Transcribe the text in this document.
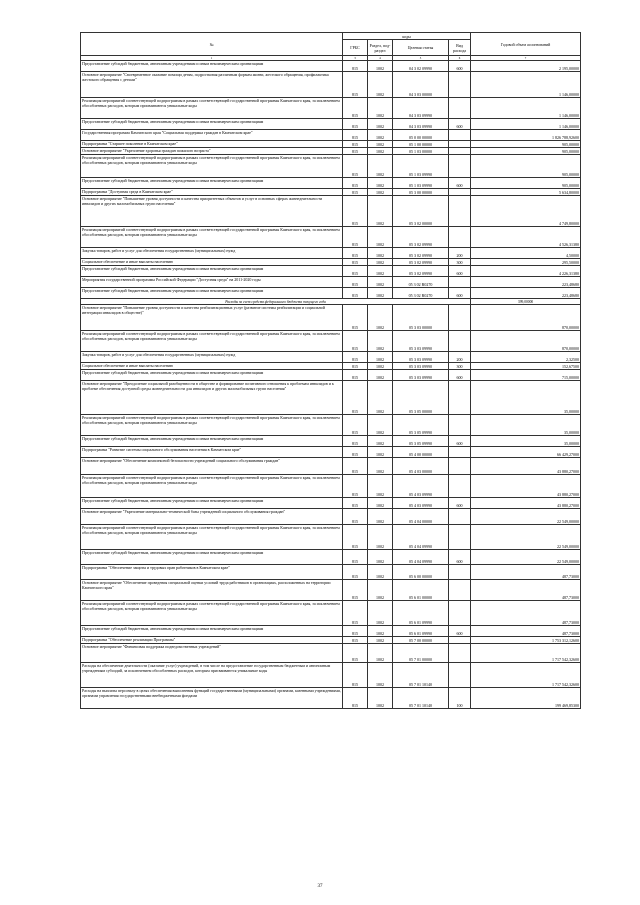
№	коды				Годовой объем ассигнований
	ГРБС	Раздел, под-раздел	Целевая статья	Вид расхода	
1	3	4	5	6	7
Предоставление субсидий бюджетным, автономным учреждениям и иным некоммерческим организациям	815	1002	04 3 02 09990	600	2 195,00000
Основное мероприятие "Своевременное оказание помощи детям, подростковая различным формам жизни, жестокого обращения, профилактика жестокого обращения с детьми"	815	1002	04 3 03 00000		1 146,00000
Реализация мероприятий соответствующей подпрограммы в рамках соответствующей государственной программы Камчатского края, за исключением обособленных расходов, которым присваиваются уникальные коды	815	1002	04 3 03 09990		1 146,00000
Предоставление субсидий бюджетным, автономным учреждениям и иным некоммерческим организациям	815	1002	04 3 03 09990	600	1 146,00000
Государственная программа Камчатского края "Социальная поддержка граждан в Камчатском крае"	815	1002	05 0 00 00000		1 826 788,92600
Подпрограмма "Старшее поколение в Камчатском крае"	815	1002	05 1 00 00000		905,00000
Основное мероприятие "Укрепление здоровья граждан пожилого возраста"	815	1002	05 1 03 00000		905,00000
Реализация мероприятий соответствующей подпрограммы в рамках соответствующей государственной программы Камчатского края, за исключением обособленных расходов, которым присваиваются уникальные коды	815	1002	05 1 03 09990		905,00000
Предоставление субсидий бюджетным, автономным учреждениям и иным некоммерческим организациям	815	1002	05 1 03 09990	600	905,00000
Подпрограмма "Доступная среда в Камчатском крае"	815	1002	05 3 00 00000		5 634,80000
Основное мероприятие "Повышение уровня доступности и качества приоритетных объектов и услуг в основных сферах жизнедеятельности инвалидов и других маломобильных групп населения"	815	1002	05 3 02 00000		4 749,80000
Реализация мероприятий соответствующей подпрограммы в рамках соответствующей государственной программы Камчатского края, за исключением обособленных расходов, которым присваиваются уникальные коды	815	1002	05 3 02 09990		4 526,31380
Закупка товаров, работ и услуг для обеспечения государственных (муниципальных) нужд	815	1002	05 3 02 09990	200	4,50000
Социальное обеспечение и иные выплаты населению	815	1002	05 3 02 09990	300	295,50000
Предоставление субсидий бюджетным, автономным учреждениям и иным некоммерческим организациям	815	1002	05 3 02 09990	600	4 226,31380
Мероприятия государственной программы Российской Федерации "Доступная среда" на 2011-2020 годы	815	1002	05 3 02 R0270		223,48680
Предоставление субсидий бюджетным, автономным учреждениям и иным некоммерческим организациям	815	1002	05 3 02 R0270	600	223,48680
Расходы за счет средств федерального бюджета текущего года					399,00000
Основное мероприятие "Повышение уровня доступности и качества реабилитационных услуг (развитие системы реабилитации и социальной интеграции инвалидов в обществе)"	815	1002	05 3 03 00000		870,00000
Реализация мероприятий соответствующей подпрограммы в рамках соответствующей государственной программы Камчатского края, за исключением обособленных расходов, которым присваиваются уникальные коды	815	1002	05 3 03 09990		870,00000
Закупка товаров, работ и услуг для обеспечения государственных (муниципальных) нужд	815	1002	05 3 03 09990	200	2,32500
Социальное обеспечение и иные выплаты населению	815	1002	05 3 03 09990	300	152,67500
Предоставление субсидий бюджетным, автономным учреждениям и иным некоммерческим организациям	815	1002	05 3 03 09990	600	715,00000
Основное мероприятие "Преодоление социальной разобщенности в обществе и формирование позитивного отношения к проблемам инвалидов и к проблеме обеспечения доступной среды жизнедеятельности для инвалидов и других маломобильных групп населения"	815	1002	05 3 05 00000		35,00000
Реализация мероприятий соответствующей подпрограммы в рамках соответствующей государственной программы Камчатского края, за исключением обособленных расходов, которым присваиваются уникальные коды	815	1002	05 3 05 09990		35,00000
Предоставление субсидий бюджетным, автономным учреждениям и иным некоммерческим организациям	815	1002	05 3 05 09990	600	35,00000
Подпрограмма "Развитие системы социального обслуживания населения в Камчатском крае"	815	1002	05 4 00 00000		66 429,27000
Основное мероприятие "Обеспечение комплексной безопасности учреждений социального обслуживания граждан"	815	1002	05 4 03 00000		43 880,27000
Реализация мероприятий соответствующей подпрограммы в рамках соответствующей государственной программы Камчатского края, за исключением обособленных расходов, которым присваиваются уникальные коды	815	1002	05 4 03 09990		43 880,27000
Предоставление субсидий бюджетным, автономным учреждениям и иным некоммерческим организациям	815	1002	05 4 03 09990	600	43 880,27000
Основное мероприятие "Укрепление материально-технической базы учреждений социального обслуживания граждан"	815	1002	05 4 04 00000		22 549,00000
Реализация мероприятий соответствующей подпрограммы в рамках соответствующей государственной программы Камчатского края, за исключением обособленных расходов, которым присваиваются уникальные коды	815	1002	05 4 04 09990		22 549,00000
Предоставление субсидий бюджетным, автономным учреждениям и иным некоммерческим организациям	815	1002	05 4 04 09990	600	22 549,00000
Подпрограмма "Обеспечение защиты и трудовых прав работников в Камчатском крае"	815	1002	05 6 00 00000		487,73000
Основное мероприятие "Обеспечение проведения специальной оценки условий труда работников в организациях, расположенных на территории Камчатского края"	815	1002	05 6 01 00000		487,73000
Реализация мероприятий соответствующей подпрограммы в рамках соответствующей государственной программы Камчатского края, за исключением обособленных расходов, которым присваиваются уникальные коды	815	1002	05 6 01 09990		487,73000
Предоставление субсидий бюджетным, автономным учреждениям и иным некоммерческим организациям	815	1002	05 6 01 09990	600	487,73000
Подпрограмма "Обеспечение реализации Программы"	815	1002	05 7 00 00000		1 753 312,12600
Основное мероприятие "Финансовая поддержка подведомственных учреждений"	815	1002	05 7 01 00000		1 717 542,32600
Расходы на обеспечение деятельности (оказание услуг) учреждений, в том числе на предоставление государственным бюджетным и автономным учреждениям субсидий, за исключением обособленных расходов, которым присваиваются уникальные коды	815	1002	05 7 01 10140		1 717 542,32600
Расходы на выплаты персоналу в целях обеспечения выполнения функций государственными (муниципальными) органами, казенными учреждениями, органами управления государственными внебюджетными фондами	815	1002	05 7 01 10140	100	199 469,85300
37
